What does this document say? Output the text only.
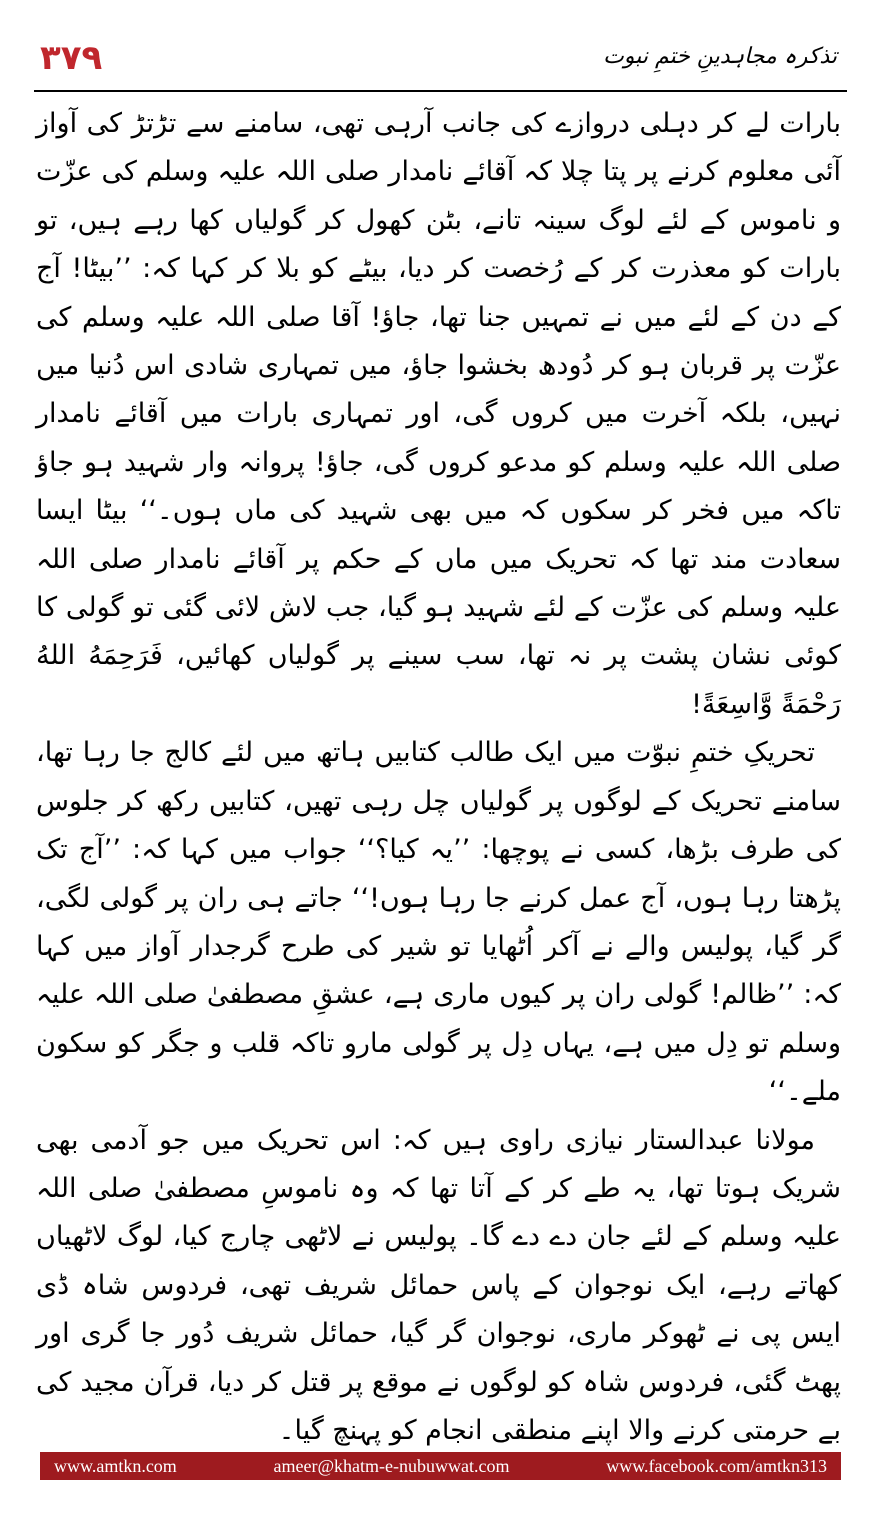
۳۷۹	تذکرہ مجاہدینِ ختمِ نبوت

بارات لے کر دہلی دروازے کی جانب آرہی تھی، سامنے سے تڑتڑ کی آواز آئی معلوم کرنے پر پتا چلا کہ آقائے نامدار صلی اللہ علیہ وسلم کی عزّت و ناموس کے لئے لوگ سینہ تانے، بٹن کھول کر گولیاں کھا رہے ہیں، تو بارات کو معذرت کر کے رُخصت کر دیا، بیٹے کو بلا کر کہا کہ: ’’بیٹا! آج کے دن کے لئے میں نے تمہیں جنا تھا، جاؤ! آقا صلی اللہ علیہ وسلم کی عزّت پر قربان ہو کر دُودھ بخشوا جاؤ، میں تمہاری شادی اس دُنیا میں نہیں، بلکہ آخرت میں کروں گی، اور تمہاری بارات میں آقائے نامدار صلی اللہ علیہ وسلم کو مدعو کروں گی، جاؤ! پروانہ وار شہید ہو جاؤ تاکہ میں فخر کر سکوں کہ میں بھی شہید کی ماں ہوں۔‘‘ بیٹا ایسا سعادت مند تھا کہ تحریک میں ماں کے حکم پر آقائے نامدار صلی اللہ علیہ وسلم کی عزّت کے لئے شہید ہو گیا، جب لاش لائی گئی تو گولی کا کوئی نشان پشت پر نہ تھا، سب سینے پر گولیاں کھائیں، فَرَحِمَهُ اللهُ رَحْمَةً وَّاسِعَةً!

تحریکِ ختمِ نبوّت میں ایک طالب کتابیں ہاتھ میں لئے کالج جا رہا تھا، سامنے تحریک کے لوگوں پر گولیاں چل رہی تھیں، کتابیں رکھ کر جلوس کی طرف بڑھا، کسی نے پوچھا: ’’یہ کیا؟‘‘ جواب میں کہا کہ: ’’آج تک پڑھتا رہا ہوں، آج عمل کرنے جا رہا ہوں!‘‘ جاتے ہی ران پر گولی لگی، گر گیا، پولیس والے نے آکر اُٹھایا تو شیر کی طرح گرجدار آواز میں کہا کہ: ’’ظالم! گولی ران پر کیوں ماری ہے، عشقِ مصطفیٰ صلی اللہ علیہ وسلم تو دِل میں ہے، یہاں دِل پر گولی مارو تاکہ قلب و جگر کو سکون ملے۔‘‘

مولانا عبدالستار نیازی راوی ہیں کہ: اس تحریک میں جو آدمی بھی شریک ہوتا تھا، یہ طے کر کے آتا تھا کہ وہ ناموسِ مصطفیٰ صلی اللہ علیہ وسلم کے لئے جان دے دے گا۔ پولیس نے لاٹھی چارج کیا، لوگ لاٹھیاں کھاتے رہے، ایک نوجوان کے پاس حمائل شریف تھی، فردوس شاہ ڈی ایس پی نے ٹھوکر ماری، نوجوان گر گیا، حمائل شریف دُور جا گری اور پھٹ گئی، فردوس شاہ کو لوگوں نے موقع پر قتل کر دیا، قرآن مجید کی بے حرمتی کرنے والا اپنے منطقی انجام کو پہنچ گیا۔

www.amtkn.com	ameer@khatm-e-nubuwwat.com	www.facebook.com/amtkn313
